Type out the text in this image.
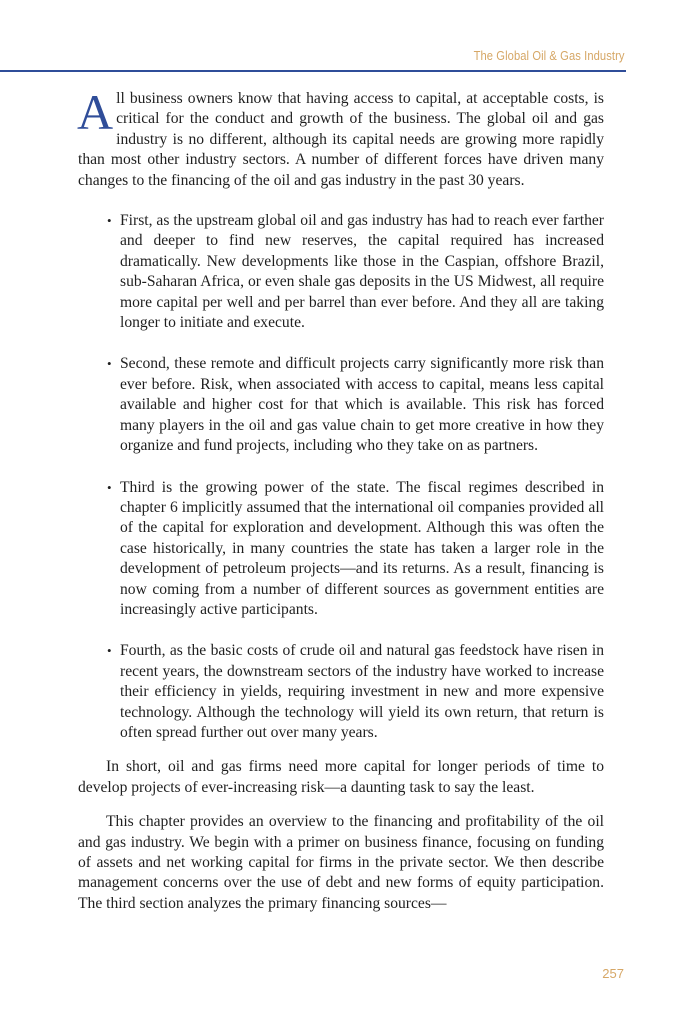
The Global Oil & Gas Industry

All business owners know that having access to capital, at acceptable costs, is critical for the conduct and growth of the business. The global oil and gas industry is no different, although its capital needs are growing more rapidly than most other industry sectors. A number of different forces have driven many changes to the financing of the oil and gas industry in the past 30 years.

• First, as the upstream global oil and gas industry has had to reach ever farther and deeper to find new reserves, the capital required has increased dramatically. New developments like those in the Caspian, offshore Brazil, sub-Saharan Africa, or even shale gas deposits in the US Midwest, all require more capital per well and per barrel than ever before. And they all are taking longer to initiate and execute.
• Second, these remote and difficult projects carry significantly more risk than ever before. Risk, when associated with access to capital, means less capital available and higher cost for that which is available. This risk has forced many players in the oil and gas value chain to get more creative in how they organize and fund projects, including who they take on as partners.
• Third is the growing power of the state. The fiscal regimes described in chapter 6 implicitly assumed that the international oil companies provided all of the capital for exploration and development. Although this was often the case historically, in many countries the state has taken a larger role in the development of petroleum projects—and its returns. As a result, financing is now coming from a number of different sources as government entities are increasingly active participants.
• Fourth, as the basic costs of crude oil and natural gas feedstock have risen in recent years, the downstream sectors of the industry have worked to increase their efficiency in yields, requiring investment in new and more expensive technology. Although the technology will yield its own return, that return is often spread further out over many years.

In short, oil and gas firms need more capital for longer periods of time to develop projects of ever-increasing risk—a daunting task to say the least.

This chapter provides an overview to the financing and profitability of the oil and gas industry. We begin with a primer on business finance, focusing on funding of assets and net working capital for firms in the private sector. We then describe management concerns over the use of debt and new forms of equity participation. The third section analyzes the primary financing sources—

257
